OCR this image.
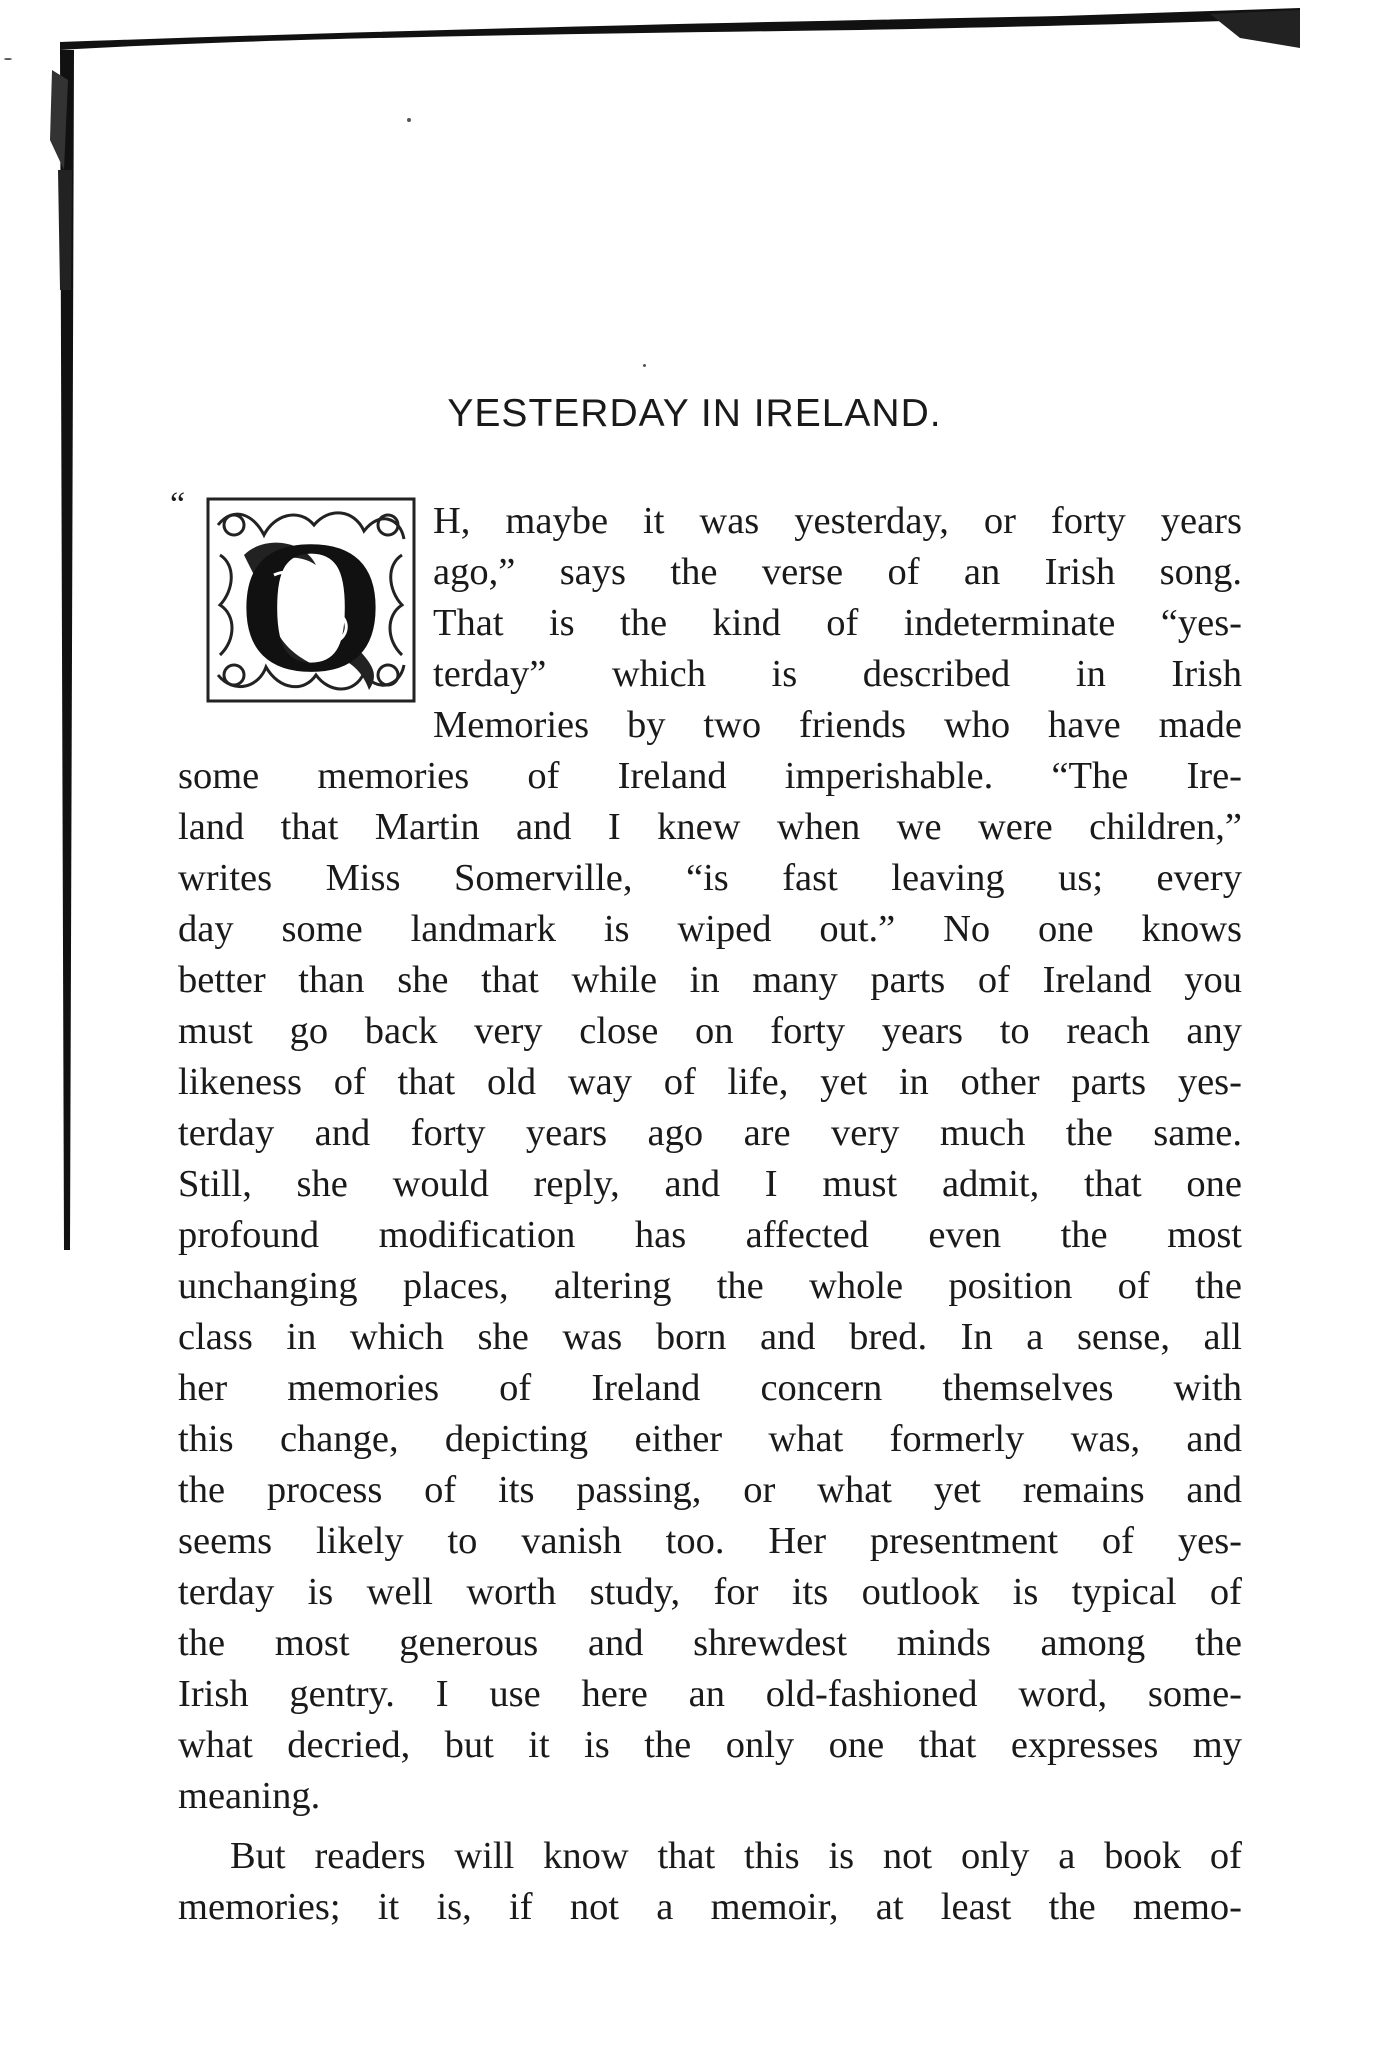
YESTERDAY IN IRELAND.
“ O H, maybe it was yesterday, or forty years
ago,” says the verse of an Irish song.
That is the kind of indeterminate “yes-
terday” which is described in Irish
Memories by two friends who have made
some memories of Ireland imperishable. “The Ire-
land that Martin and I knew when we were children,”
writes Miss Somerville, “is fast leaving us; every
day some landmark is wiped out.” No one knows
better than she that while in many parts of Ireland you
must go back very close on forty years to reach any
likeness of that old way of life, yet in other parts yes-
terday and forty years ago are very much the same.
Still, she would reply, and I must admit, that one
profound modification has affected even the most
unchanging places, altering the whole position of the
class in which she was born and bred. In a sense, all
her memories of Ireland concern themselves with
this change, depicting either what formerly was, and
the process of its passing, or what yet remains and
seems likely to vanish too. Her presentment of yes-
terday is well worth study, for its outlook is typical of
the most generous and shrewdest minds among the
Irish gentry. I use here an old-fashioned word, some-
what decried, but it is the only one that expresses my
meaning.
But readers will know that this is not only a book of
memories; it is, if not a memoir, at least the memo-
